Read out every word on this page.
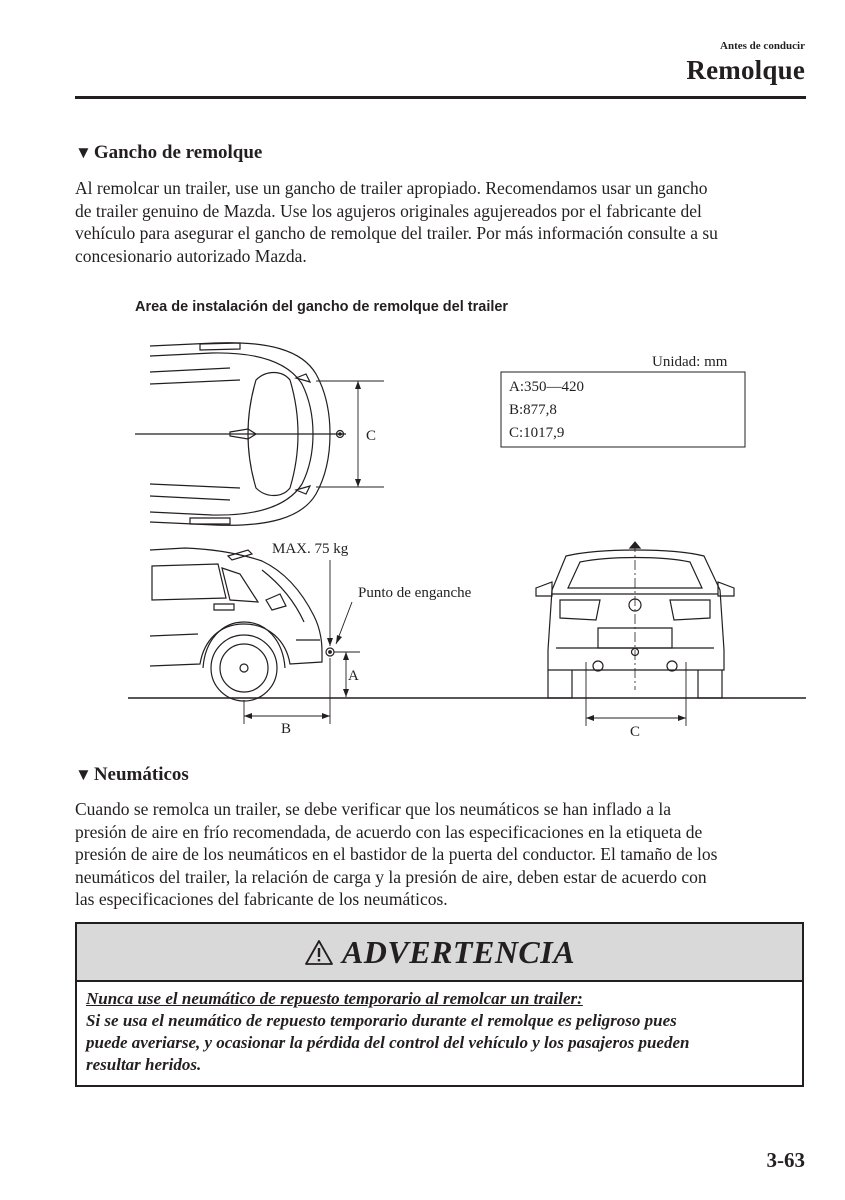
Antes de conducir
Remolque
▼ Gancho de remolque

Al remolcar un trailer, use un gancho de trailer apropiado. Recomendamos usar un gancho
de trailer genuino de Mazda. Use los agujeros originales agujereados por el fabricante del
vehículo para asegurar el gancho de remolque del trailer. Por más información consulte a su
concesionario autorizado Mazda.

Area de instalación del gancho de remolque del trailer
Unidad: mm
A:350—420
B:877,8
C:1017,9
C
MAX. 75 kg
Punto de enganche
A
B	C
▼ Neumáticos

Cuando se remolca un trailer, se debe verificar que los neumáticos se han inflado a la
presión de aire en frío recomendada, de acuerdo con las especificaciones en la etiqueta de
presión de aire de los neumáticos en el bastidor de la puerta del conductor. El tamaño de los
neumáticos del trailer, la relación de carga y la presión de aire, deben estar de acuerdo con
las especificaciones del fabricante de los neumáticos.

ADVERTENCIA
Nunca use el neumático de repuesto temporario al remolcar un trailer:
Si se usa el neumático de repuesto temporario durante el remolque es peligroso pues
puede averiarse, y ocasionar la pérdida del control del vehículo y los pasajeros pueden
resultar heridos.
3-63
